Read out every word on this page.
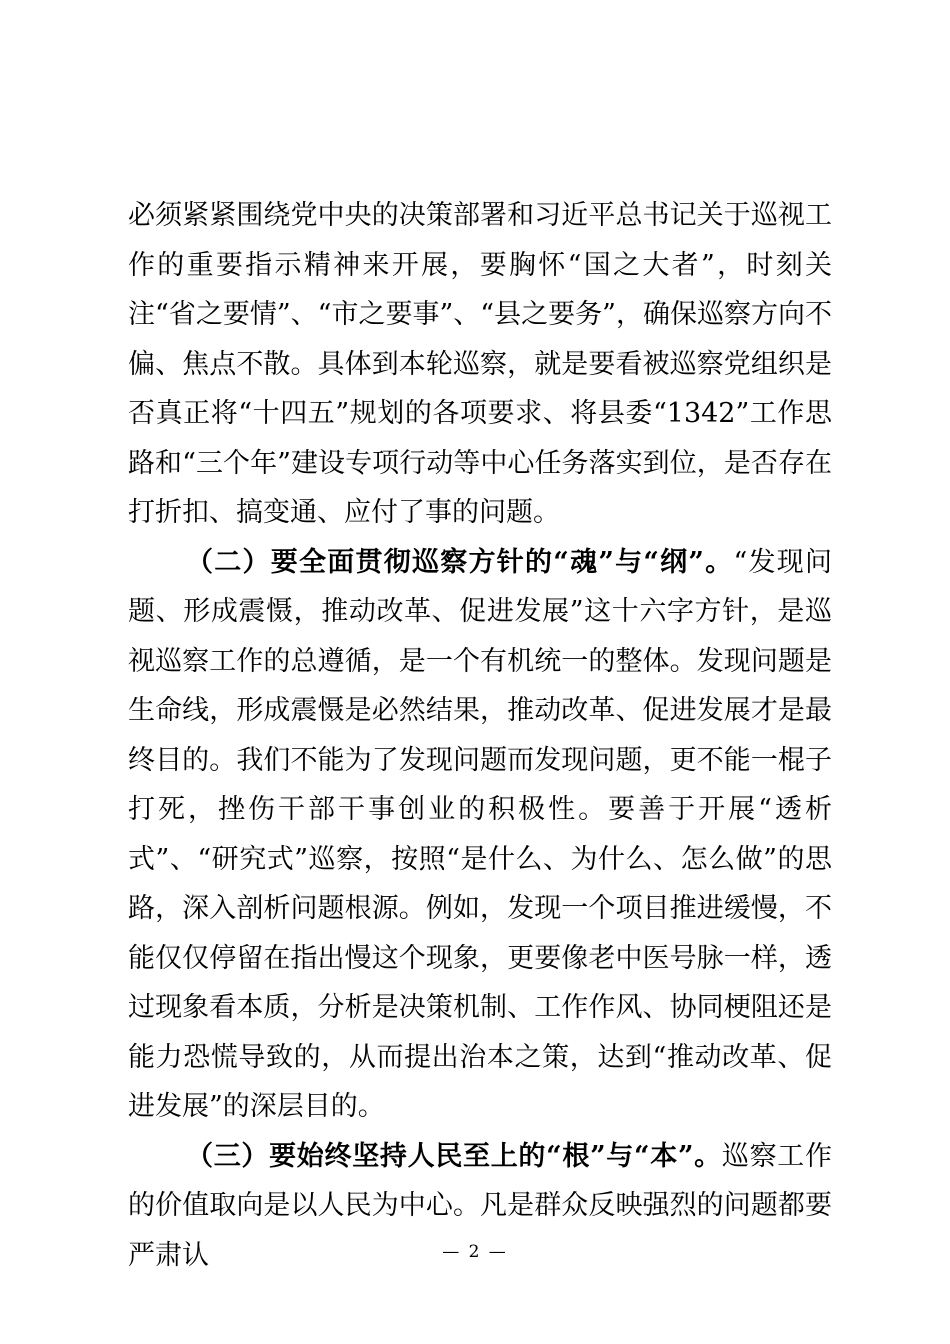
必须紧紧围绕党中央的决策部署和习近平总书记关于巡视工作的重要指示精神来开展，要胸怀“国之大者”，时刻关注“省之要情”、“市之要事”、“县之要务”，确保巡察方向不偏、焦点不散。具体到本轮巡察，就是要看被巡察党组织是否真正将“十四五”规划的各项要求、将县委“1342”工作思路和“三个年”建设专项行动等中心任务落实到位，是否存在打折扣、搞变通、应付了事的问题。

（二）要全面贯彻巡察方针的“魂”与“纲”。“发现问题、形成震慑，推动改革、促进发展”这十六字方针，是巡视巡察工作的总遵循，是一个有机统一的整体。发现问题是生命线，形成震慑是必然结果，推动改革、促进发展才是最终目的。我们不能为了发现问题而发现问题，更不能一棍子打死，挫伤干部干事创业的积极性。要善于开展“透析式”、“研究式”巡察，按照“是什么、为什么、怎么做”的思路，深入剖析问题根源。例如，发现一个项目推进缓慢，不能仅仅停留在指出慢这个现象，更要像老中医号脉一样，透过现象看本质，分析是决策机制、工作作风、协同梗阻还是能力恐慌导致的，从而提出治本之策，达到“推动改革、促进发展”的深层目的。

（三）要始终坚持人民至上的“根”与“本”。巡察工作的价值取向是以人民为中心。凡是群众反映强烈的问题都要严肃认	— 2 —
